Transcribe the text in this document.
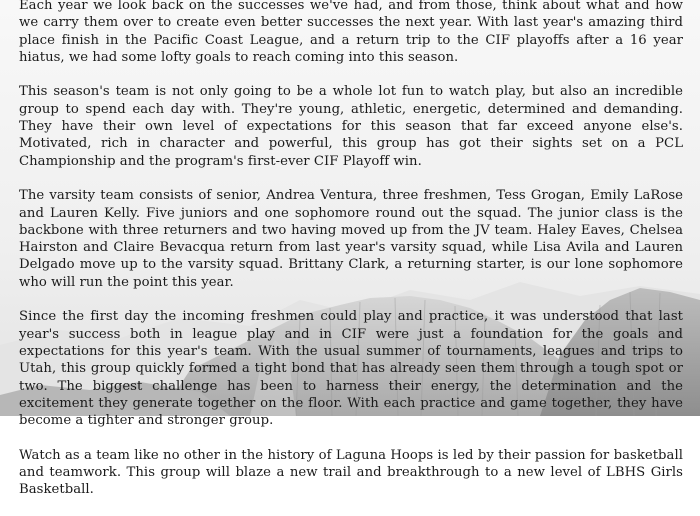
Each year we look back on the successes we've had, and from those, think about what and how we carry them over to create even better successes the next year. With last year's amazing third place finish in the Pacific Coast League, and a return trip to the CIF playoffs after a 16 year hiatus, we had some lofty goals to reach coming into this season.

This season's team is not only going to be a whole lot fun to watch play, but also an incredible group to spend each day with. They're young, athletic, energetic, determined and demanding. They have their own level of expectations for this season that far exceed anyone else's. Motivated, rich in character and powerful, this group has got their sights set on a PCL Championship and the program's first-ever CIF Playoff win.

The varsity team consists of senior, Andrea Ventura, three freshmen, Tess Grogan, Emily LaRose and Lauren Kelly. Five juniors and one sophomore round out the squad. The junior class is the backbone with three returners and two having moved up from the JV team. Haley Eaves, Chelsea Hairston and Claire Bevacqua return from last year's varsity squad, while Lisa Avila and Lauren Delgado move up to the varsity squad. Brittany Clark, a returning starter, is our lone sophomore who will run the point this year.

Since the first day the incoming freshmen could play and practice, it was understood that last year's success both in league play and in CIF were just a foundation for the goals and expectations for this year's team. With the usual summer of tournaments, leagues and trips to Utah, this group quickly formed a tight bond that has already seen them through a tough spot or two. The biggest challenge has been to harness their energy, the determination and the excitement they generate together on the floor. With each practice and game together, they have become a tighter and stronger group.

Watch as a team like no other in the history of Laguna Hoops is led by their passion for basketball and teamwork. This group will blaze a new trail and breakthrough to a new level of LBHS Girls Basketball.
